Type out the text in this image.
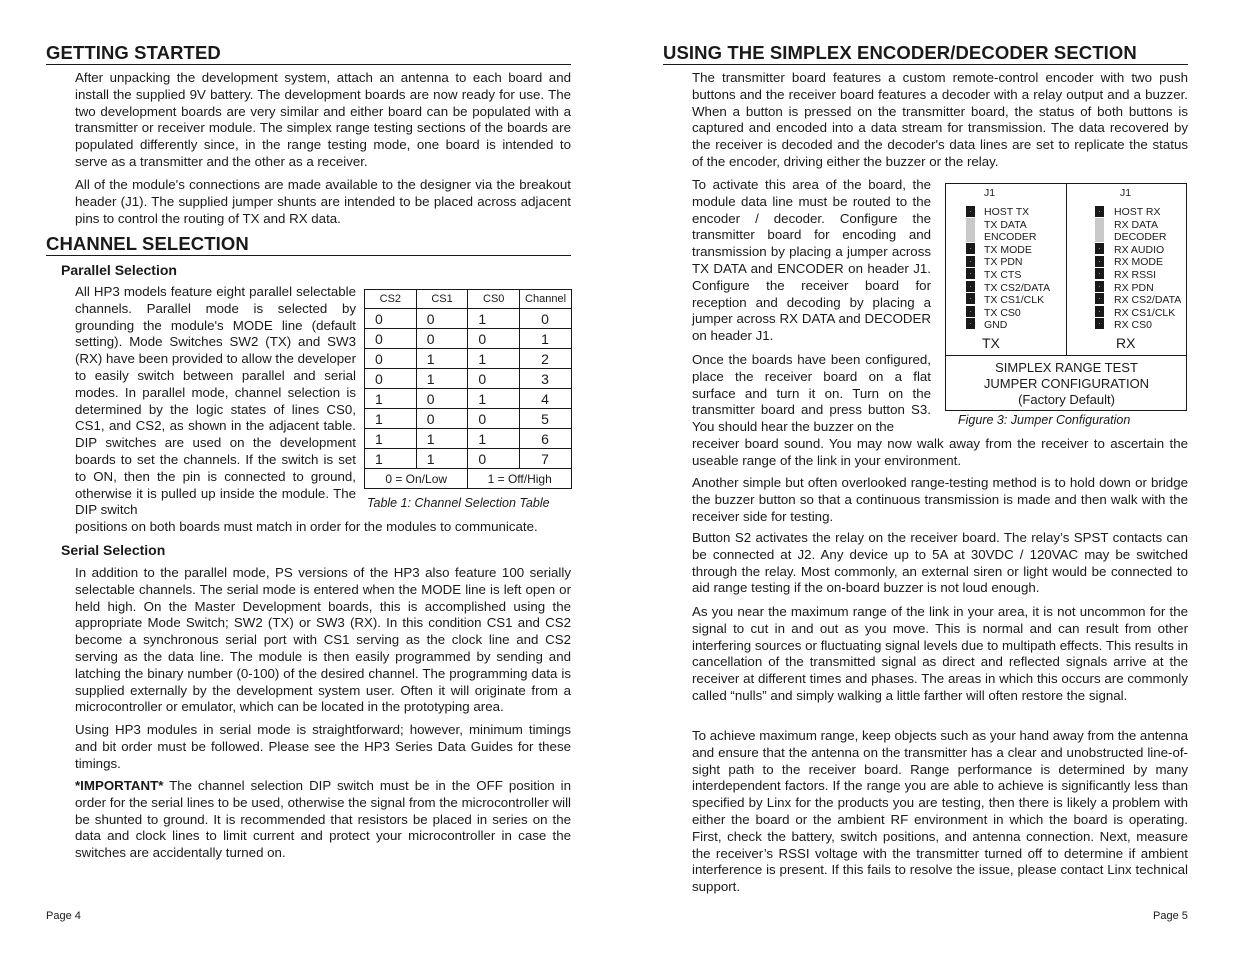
GETTING STARTED

After unpacking the development system, attach an antenna to each board and install the supplied 9V battery. The development boards are now ready for use. The two development boards are very similar and either board can be populated with a transmitter or receiver module. The simplex range testing sections of the boards are populated differently since, in the range testing mode, one board is intended to serve as a transmitter and the other as a receiver.

All of the module's connections are made available to the designer via the breakout header (J1). The supplied jumper shunts are intended to be placed across adjacent pins to control the routing of TX and RX data.

CHANNEL SELECTION
Parallel Selection

All HP3 models feature eight parallel selectable channels. Parallel mode is selected by grounding the module's MODE line (default setting). Mode Switches SW2 (TX) and SW3 (RX) have been provided to allow the developer to easily switch between parallel and serial modes. In parallel mode, channel selection is determined by the logic states of lines CS0, CS1, and CS2, as shown in the adjacent table. DIP switches are used on the development boards to set the channels. If the switch is set to ON, then the pin is connected to ground, otherwise it is pulled up inside the module. The DIP switch

positions on both boards must match in order for the modules to communicate.

CS2	CS1	CS0	Channel
0	0	1	0
0	0	0	1
0	1	1	2
0	1	0	3
1	0	1	4
1	0	0	5
1	1	1	6
1	1	0	7
0 = On/Low		1 = Off/High	
Table 1: Channel Selection Table
Serial Selection

In addition to the parallel mode, PS versions of the HP3 also feature 100 serially selectable channels. The serial mode is entered when the MODE line is left open or held high. On the Master Development boards, this is accomplished using the appropriate Mode Switch; SW2 (TX) or SW3 (RX). In this condition CS1 and CS2 become a synchronous serial port with CS1 serving as the clock line and CS2 serving as the data line. The module is then easily programmed by sending and latching the binary number (0-100) of the desired channel. The programming data is supplied externally by the development system user. Often it will originate from a microcontroller or emulator, which can be located in the prototyping area.

Using HP3 modules in serial mode is straightforward; however, minimum timings and bit order must be followed. Please see the HP3 Series Data Guides for these timings.

*IMPORTANT* The channel selection DIP switch must be in the OFF position in order for the serial lines to be used, otherwise the signal from the microcontroller will be shunted to ground. It is recommended that resistors be placed in series on the data and clock lines to limit current and protect your microcontroller in case the switches are accidentally turned on.

Page 4
USING THE SIMPLEX ENCODER/DECODER SECTION

The transmitter board features a custom remote-control encoder with two push buttons and the receiver board features a decoder with a relay output and a buzzer. When a button is pressed on the transmitter board, the status of both buttons is captured and encoded into a data stream for transmission. The data recovered by the receiver is decoded and the decoder's data lines are set to replicate the status of the encoder, driving either the buzzer or the relay.

To activate this area of the board, the module data line must be routed to the encoder / decoder. Configure the transmitter board for encoding and transmission by placing a jumper across TX DATA and ENCODER on header J1. Configure the receiver board for reception and decoding by placing a jumper across RX DATA and DECODER on header J1.

Once the boards have been configured, place the receiver board on a flat surface and turn it on. Turn on the transmitter board and press button S3. You should hear the buzzer on the

receiver board sound. You may now walk away from the receiver to ascertain the useable range of the link in your environment.

Another simple but often overlooked range-testing method is to hold down or bridge the buzzer button so that a continuous transmission is made and then walk with the receiver side for testing.

Button S2 activates the relay on the receiver board. The relay’s SPST contacts can be connected at J2. Any device up to 5A at 30VDC / 120VAC may be switched through the relay. Most commonly, an external siren or light would be connected to aid range testing if the on-board buzzer is not loud enough.

As you near the maximum range of the link in your area, it is not uncommon for the signal to cut in and out as you move. This is normal and can result from other interfering sources or fluctuating signal levels due to multipath effects. This results in cancellation of the transmitted signal as direct and reflected signals arrive at the receiver at different times and phases. The areas in which this occurs are commonly called “nulls” and simply walking a little farther will often restore the signal.

To achieve maximum range, keep objects such as your hand away from the antenna and ensure that the antenna on the transmitter has a clear and unobstructed line-of-sight path to the receiver board. Range performance is determined by many interdependent factors. If the range you are able to achieve is significantly less than specified by Linx for the products you are testing, then there is likely a problem with either the board or the ambient RF environment in which the board is operating. First, check the battery, switch positions, and antenna connection. Next, measure the receiver’s RSSI voltage with the transmitter turned off to determine if ambient interference is present. If this fails to resolve the issue, please contact Linx technical support.

J1	J1
HOST TX
TX DATA
ENCODER
TX MODE
TX PDN
TX CTS
TX CS2/DATA
TX CS1/CLK
TX CS0
GND
HOST RX
RX DATA
DECODER
RX AUDIO
RX MODE
RX RSSI
RX PDN
RX CS2/DATA
RX CS1/CLK
RX CS0
TX	RX
SIMPLEX RANGE TEST
JUMPER CONFIGURATION
(Factory Default)
Figure 3: Jumper Configuration
Page 5
